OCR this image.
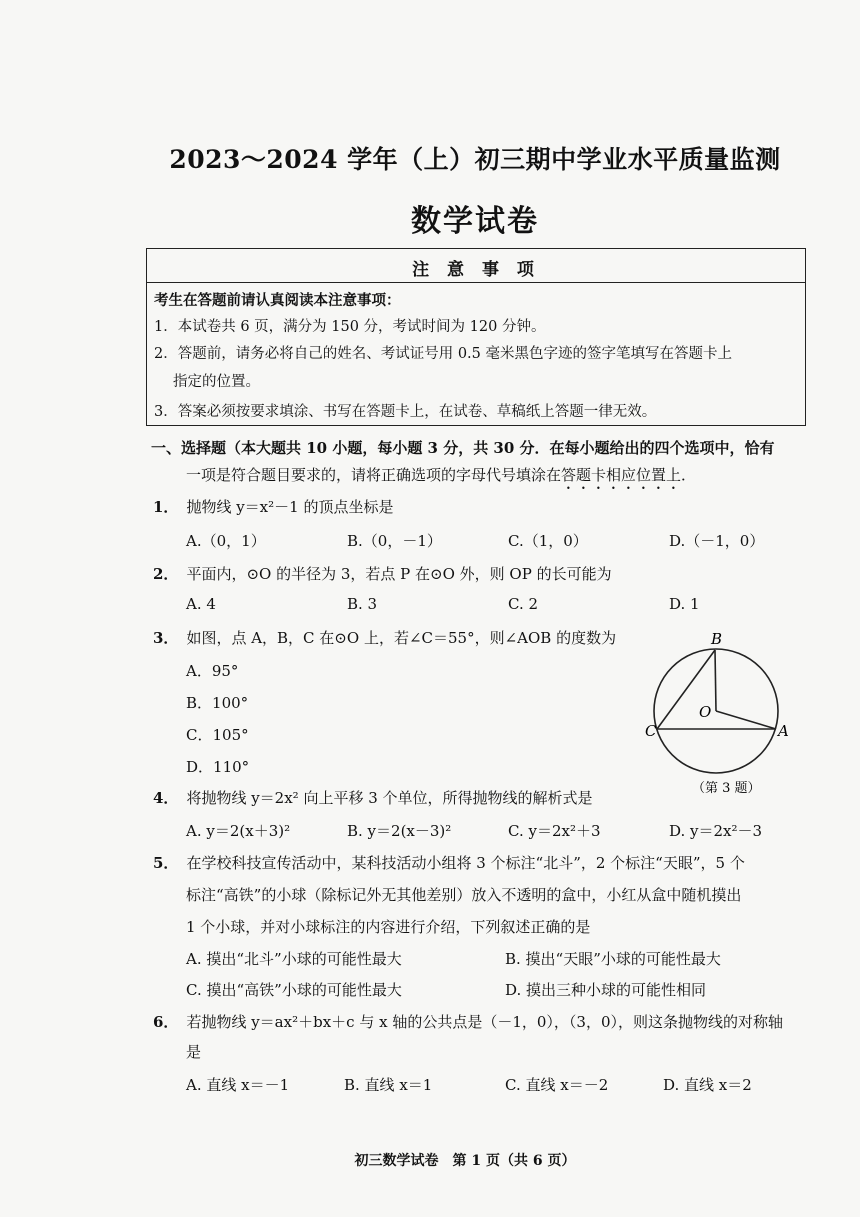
2023～2024 学年（上）初三期中学业水平质量监测
数学试卷
注 意 事 项
考生在答题前请认真阅读本注意事项：
1．本试卷共 6 页，满分为 150 分，考试时间为 120 分钟。
2．答题前，请务必将自己的姓名、考试证号用 0.5 毫米黑色字迹的签字笔填写在答题卡上
指定的位置。
3．答案必须按要求填涂、书写在答题卡上，在试卷、草稿纸上答题一律无效。
一、选择题（本大题共 10 小题，每小题 3 分，共 30 分．在每小题给出的四个选项中，恰有
一项是符合题目要求的，请将正确选项的字母代号填涂在答题卡相应位置上．
1． 抛物线 y＝x²－1 的顶点坐标是
A.（0，1）	B.（0，－1）	C.（1，0）	D.（－1，0）
2． 平面内，⊙O 的半径为 3，若点 P 在⊙O 外，则 OP 的长可能为
A. 4	B. 3	C. 2	D. 1
3． 如图，点 A，B，C 在⊙O 上，若∠C＝55°，则∠AOB 的度数为
A．95°
B．100°
C．105°
D．110°
B
C	A
O
（第 3 题）
4． 将抛物线 y＝2x² 向上平移 3 个单位，所得抛物线的解析式是
A. y＝2(x＋3)²	B. y＝2(x－3)²	C. y＝2x²＋3	D. y＝2x²－3
5． 在学校科技宣传活动中，某科技活动小组将 3 个标注“北斗”，2 个标注“天眼”，5 个
标注“高铁”的小球（除标记外无其他差别）放入不透明的盒中，小红从盒中随机摸出
1 个小球，并对小球标注的内容进行介绍，下列叙述正确的是
A. 摸出“北斗”小球的可能性最大	B. 摸出“天眼”小球的可能性最大
C. 摸出“高铁”小球的可能性最大	D. 摸出三种小球的可能性相同
6． 若抛物线 y＝ax²＋bx＋c 与 x 轴的公共点是（－1，0），（3，0），则这条抛物线的对称轴
是
A. 直线 x＝－1	B. 直线 x＝1	C. 直线 x＝－2	D. 直线 x＝2
初三数学试卷　第 1 页（共 6 页）
